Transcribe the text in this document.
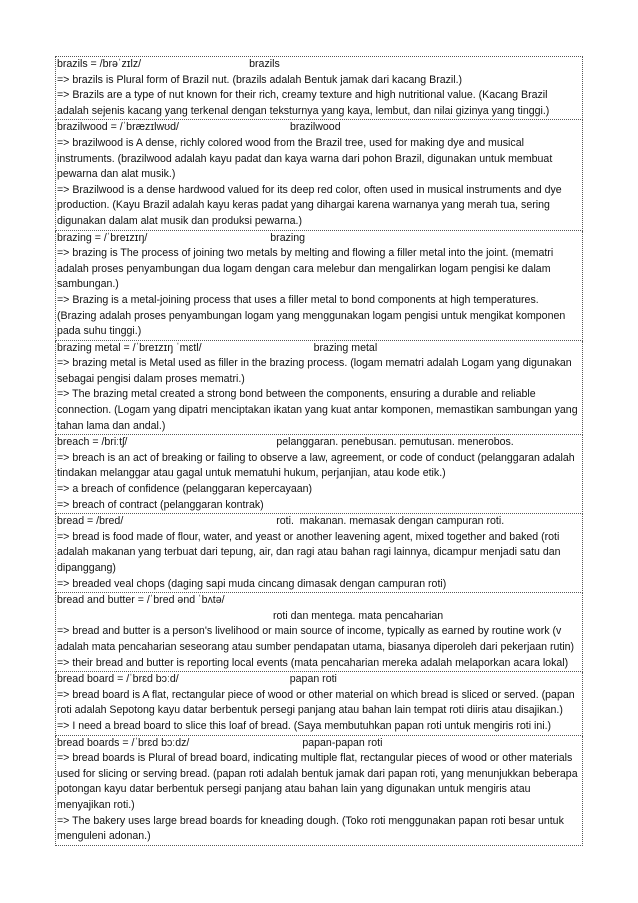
brazils = /brəˈzɪlz/	brazils
=> brazils is Plural form of Brazil nut. (brazils adalah Bentuk jamak dari kacang Brazil.)
=> Brazils are a type of nut known for their rich, creamy texture and high nutritional value. (Kacang Brazil adalah sejenis kacang yang terkenal dengan teksturnya yang kaya, lembut, dan nilai gizinya yang tinggi.)
brazilwood = /ˈbræzɪlwʊd/	brazilwood
=> brazilwood is A dense, richly colored wood from the Brazil tree, used for making dye and musical instruments. (brazilwood adalah kayu padat dan kaya warna dari pohon Brazil, digunakan untuk membuat pewarna dan alat musik.)
=> Brazilwood is a dense hardwood valued for its deep red color, often used in musical instruments and dye production. (Kayu Brazil adalah kayu keras padat yang dihargai karena warnanya yang merah tua, sering digunakan dalam alat musik dan produksi pewarna.)
brazing = /ˈbreɪzɪŋ/	brazing
=> brazing is The process of joining two metals by melting and flowing a filler metal into the joint. (mematri adalah proses penyambungan dua logam dengan cara melebur dan mengalirkan logam pengisi ke dalam sambungan.)
=> Brazing is a metal-joining process that uses a filler metal to bond components at high temperatures. (Brazing adalah proses penyambungan logam yang menggunakan logam pengisi untuk mengikat komponen pada suhu tinggi.)
brazing metal = /ˈbreɪzɪŋ ˈmɛtl/	brazing metal
=> brazing metal is Metal used as filler in the brazing process. (logam mematri adalah Logam yang digunakan sebagai pengisi dalam proses mematri.)
=> The brazing metal created a strong bond between the components, ensuring a durable and reliable connection. (Logam yang dipatri menciptakan ikatan yang kuat antar komponen, memastikan sambungan yang tahan lama dan andal.)
breach = /briːtʃ/	pelanggaran. penebusan. pemutusan. menerobos.
=> breach is an act of breaking or failing to observe a law, agreement, or code of conduct (pelanggaran adalah tindakan melanggar atau gagal untuk mematuhi hukum, perjanjian, atau kode etik.)
=> a breach of confidence (pelanggaran kepercayaan)
=> breach of contract (pelanggaran kontrak)
bread = /bred/	roti.  makanan. memasak dengan campuran roti.
=> bread is food made of flour, water, and yeast or another leavening agent, mixed together and baked (roti adalah makanan yang terbuat dari tepung, air, dan ragi atau bahan ragi lainnya, dicampur menjadi satu dan dipanggang)
=> breaded veal chops (daging sapi muda cincang dimasak dengan campuran roti)
bread and butter = /ˈbred ənd ˈbʌtə/
roti dan mentega. mata pencaharian
=> bread and butter is a person's livelihood or main source of income, typically as earned by routine work (v adalah mata pencaharian seseorang atau sumber pendapatan utama, biasanya diperoleh dari pekerjaan rutin)
=> their bread and butter is reporting local events (mata pencaharian mereka adalah melaporkan acara lokal)
bread board = /ˈbrɛd bɔːd/	papan roti
=> bread board is A flat, rectangular piece of wood or other material on which bread is sliced or served. (papan roti adalah Sepotong kayu datar berbentuk persegi panjang atau bahan lain tempat roti diiris atau disajikan.)
=> I need a bread board to slice this loaf of bread. (Saya membutuhkan papan roti untuk mengiris roti ini.)
bread boards = /ˈbrɛd bɔːdz/	papan-papan roti
=> bread boards is Plural of bread board, indicating multiple flat, rectangular pieces of wood or other materials used for slicing or serving bread. (papan roti adalah bentuk jamak dari papan roti, yang menunjukkan beberapa potongan kayu datar berbentuk persegi panjang atau bahan lain yang digunakan untuk mengiris atau menyajikan roti.)
=> The bakery uses large bread boards for kneading dough. (Toko roti menggunakan papan roti besar untuk menguleni adonan.)
